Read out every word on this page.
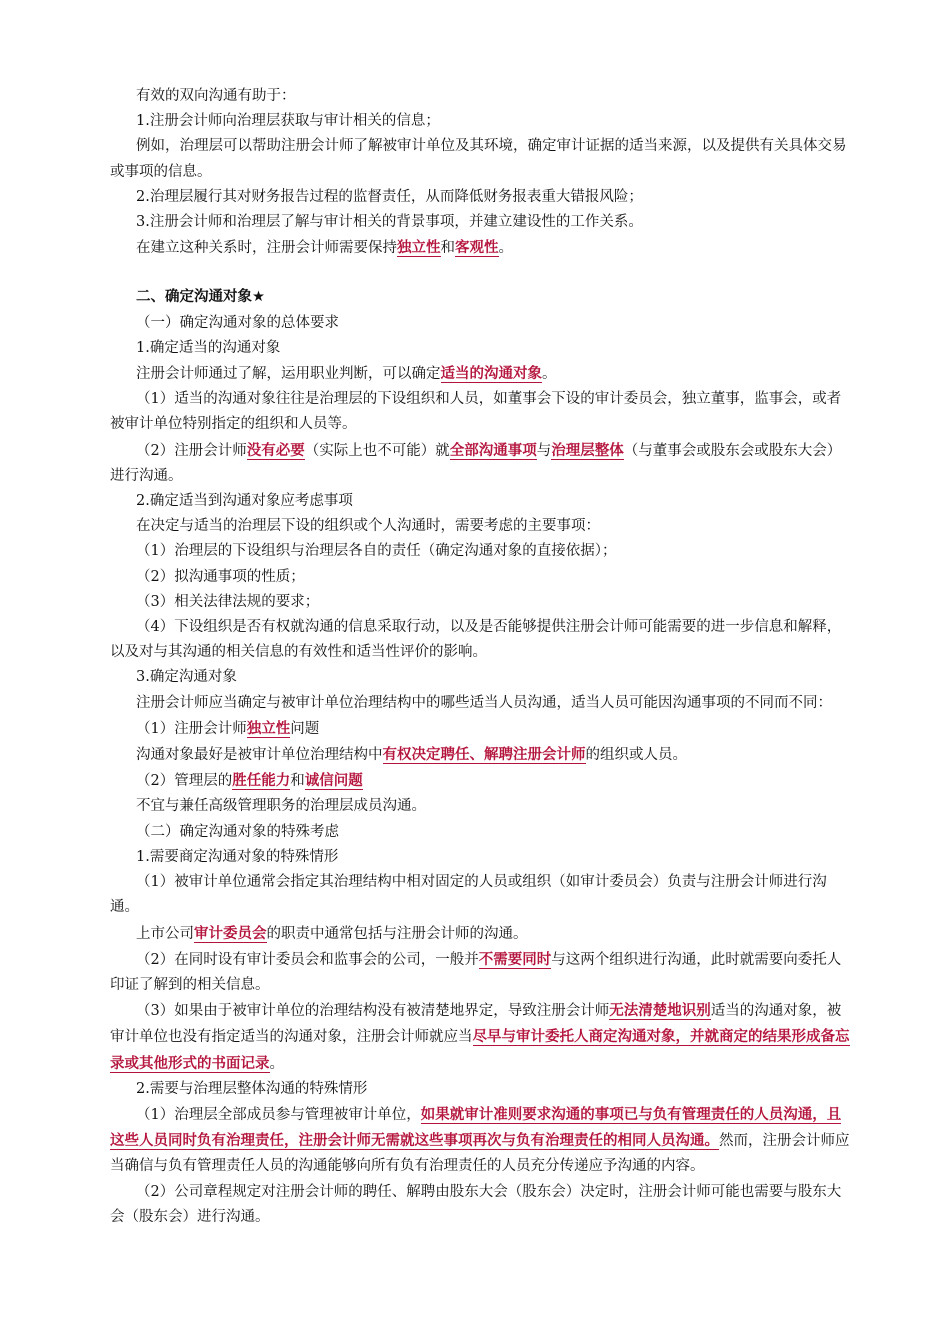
有效的双向沟通有助于：

1.注册会计师向治理层获取与审计相关的信息；

例如，治理层可以帮助注册会计师了解被审计单位及其环境，确定审计证据的适当来源，以及提供有关具体交易或事项的信息。

2.治理层履行其对财务报告过程的监督责任，从而降低财务报表重大错报风险；

3.注册会计师和治理层了解与审计相关的背景事项，并建立建设性的工作关系。

在建立这种关系时，注册会计师需要保持独立性和客观性。

二、确定沟通对象★

（一）确定沟通对象的总体要求

1.确定适当的沟通对象

注册会计师通过了解，运用职业判断，可以确定适当的沟通对象。

（1）适当的沟通对象往往是治理层的下设组织和人员，如董事会下设的审计委员会，独立董事，监事会，或者被审计单位特别指定的组织和人员等。

（2）注册会计师没有必要（实际上也不可能）就全部沟通事项与治理层整体（与董事会或股东会或股东大会）进行沟通。

2.确定适当到沟通对象应考虑事项

在决定与适当的治理层下设的组织或个人沟通时，需要考虑的主要事项：

（1）治理层的下设组织与治理层各自的责任（确定沟通对象的直接依据）；

（2）拟沟通事项的性质；

（3）相关法律法规的要求；

（4）下设组织是否有权就沟通的信息采取行动，以及是否能够提供注册会计师可能需要的进一步信息和解释，以及对与其沟通的相关信息的有效性和适当性评价的影响。

3.确定沟通对象

注册会计师应当确定与被审计单位治理结构中的哪些适当人员沟通，适当人员可能因沟通事项的不同而不同：

（1）注册会计师独立性问题

沟通对象最好是被审计单位治理结构中有权决定聘任、解聘注册会计师的组织或人员。

（2）管理层的胜任能力和诚信问题

不宜与兼任高级管理职务的治理层成员沟通。

（二）确定沟通对象的特殊考虑

1.需要商定沟通对象的特殊情形

（1）被审计单位通常会指定其治理结构中相对固定的人员或组织（如审计委员会）负责与注册会计师进行沟通。

上市公司审计委员会的职责中通常包括与注册会计师的沟通。

（2）在同时设有审计委员会和监事会的公司，一般并不需要同时与这两个组织进行沟通，此时就需要向委托人印证了解到的相关信息。

（3）如果由于被审计单位的治理结构没有被清楚地界定，导致注册会计师无法清楚地识别适当的沟通对象，被审计单位也没有指定适当的沟通对象，注册会计师就应当尽早与审计委托人商定沟通对象，并就商定的结果形成备忘录或其他形式的书面记录。

2.需要与治理层整体沟通的特殊情形

（1）治理层全部成员参与管理被审计单位，如果就审计准则要求沟通的事项已与负有管理责任的人员沟通，且这些人员同时负有治理责任，注册会计师无需就这些事项再次与负有治理责任的相同人员沟通。然而，注册会计师应当确信与负有管理责任人员的沟通能够向所有负有治理责任的人员充分传递应予沟通的内容。

（2）公司章程规定对注册会计师的聘任、解聘由股东大会（股东会）决定时，注册会计师可能也需要与股东大会（股东会）进行沟通。
